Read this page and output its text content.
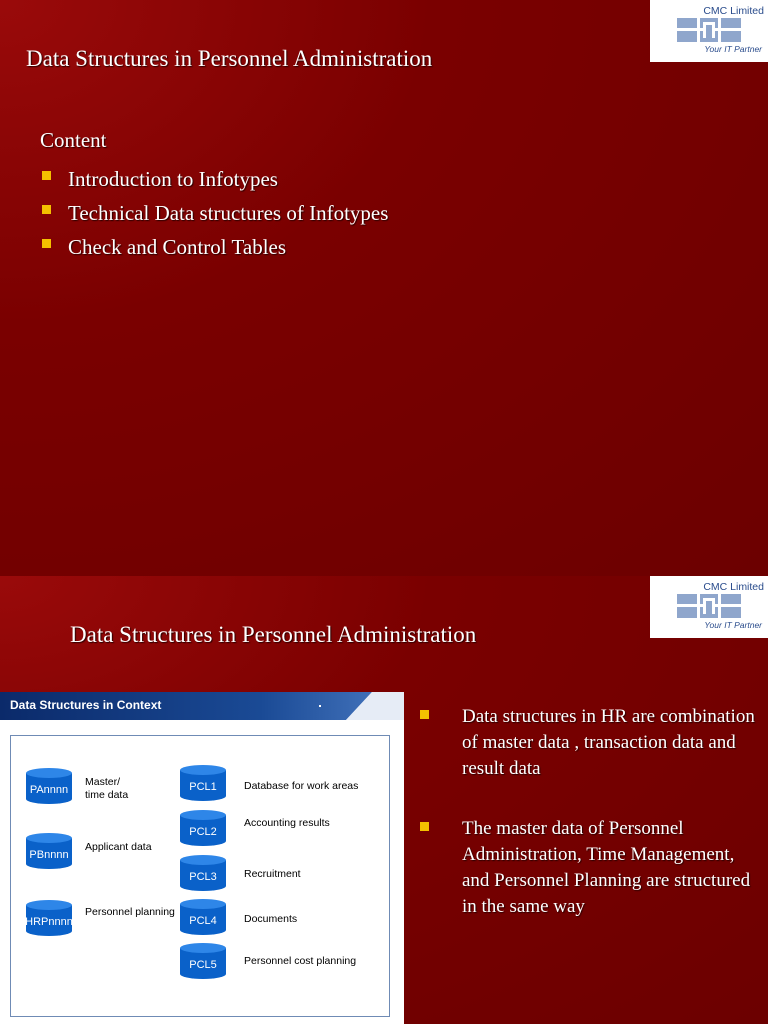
Data Structures in Personnel Administration
CMC Limited
Your IT Partner
Content
Introduction to Infotypes
Technical Data structures of Infotypes
Check and Control Tables
CMC Limited
Your IT Partner
Data Structures in Personnel Administration
Data Structures in Context
PAnnnn
Master/
time data
PBnnnn
Applicant data
HRPnnnn
Personnel planning
PCL1	Database for work areas
PCL2
Accounting results
PCL3	Recruitment
PCL4	Documents
PCL5	Personnel cost planning
Data structures in HR are combination of master data , transaction data and result data
The master data of Personnel Administration, Time Management, and Personnel Planning are structured in the same way
